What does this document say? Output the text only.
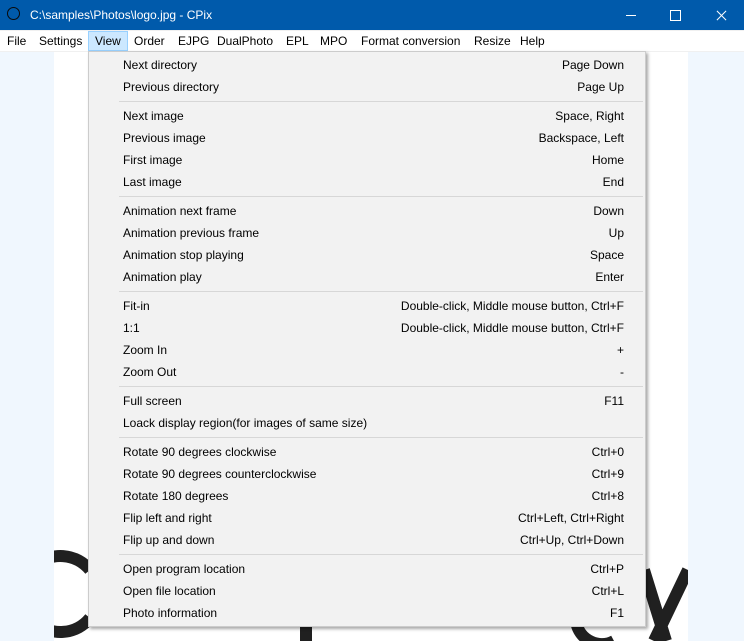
C:\samples\Photos\logo.jpg - CPix
File Settings	View	Order EJPG DualPhoto EPL MPO Format conversion Resize Help
Next directory	Page Down
Previous directory	Page Up
Next image	Space, Right
Previous image	Backspace, Left
First image	Home
Last image	End
Animation next frame	Down
Animation previous frame	Up
Animation stop playing	Space
Animation play	Enter
Fit-in	Double-click, Middle mouse button, Ctrl+F
1:1	Double-click, Middle mouse button, Ctrl+F
Zoom In	+
Zoom Out	-
Full screen	F11
Loack display region(for images of same size)
Rotate 90 degrees clockwise	Ctrl+0
Rotate 90 degrees counterclockwise	Ctrl+9
Rotate 180 degrees	Ctrl+8
Flip left and right	Ctrl+Left, Ctrl+Right
Flip up and down	Ctrl+Up, Ctrl+Down
Open program location	Ctrl+P
Open file location	Ctrl+L
Photo information	F1
